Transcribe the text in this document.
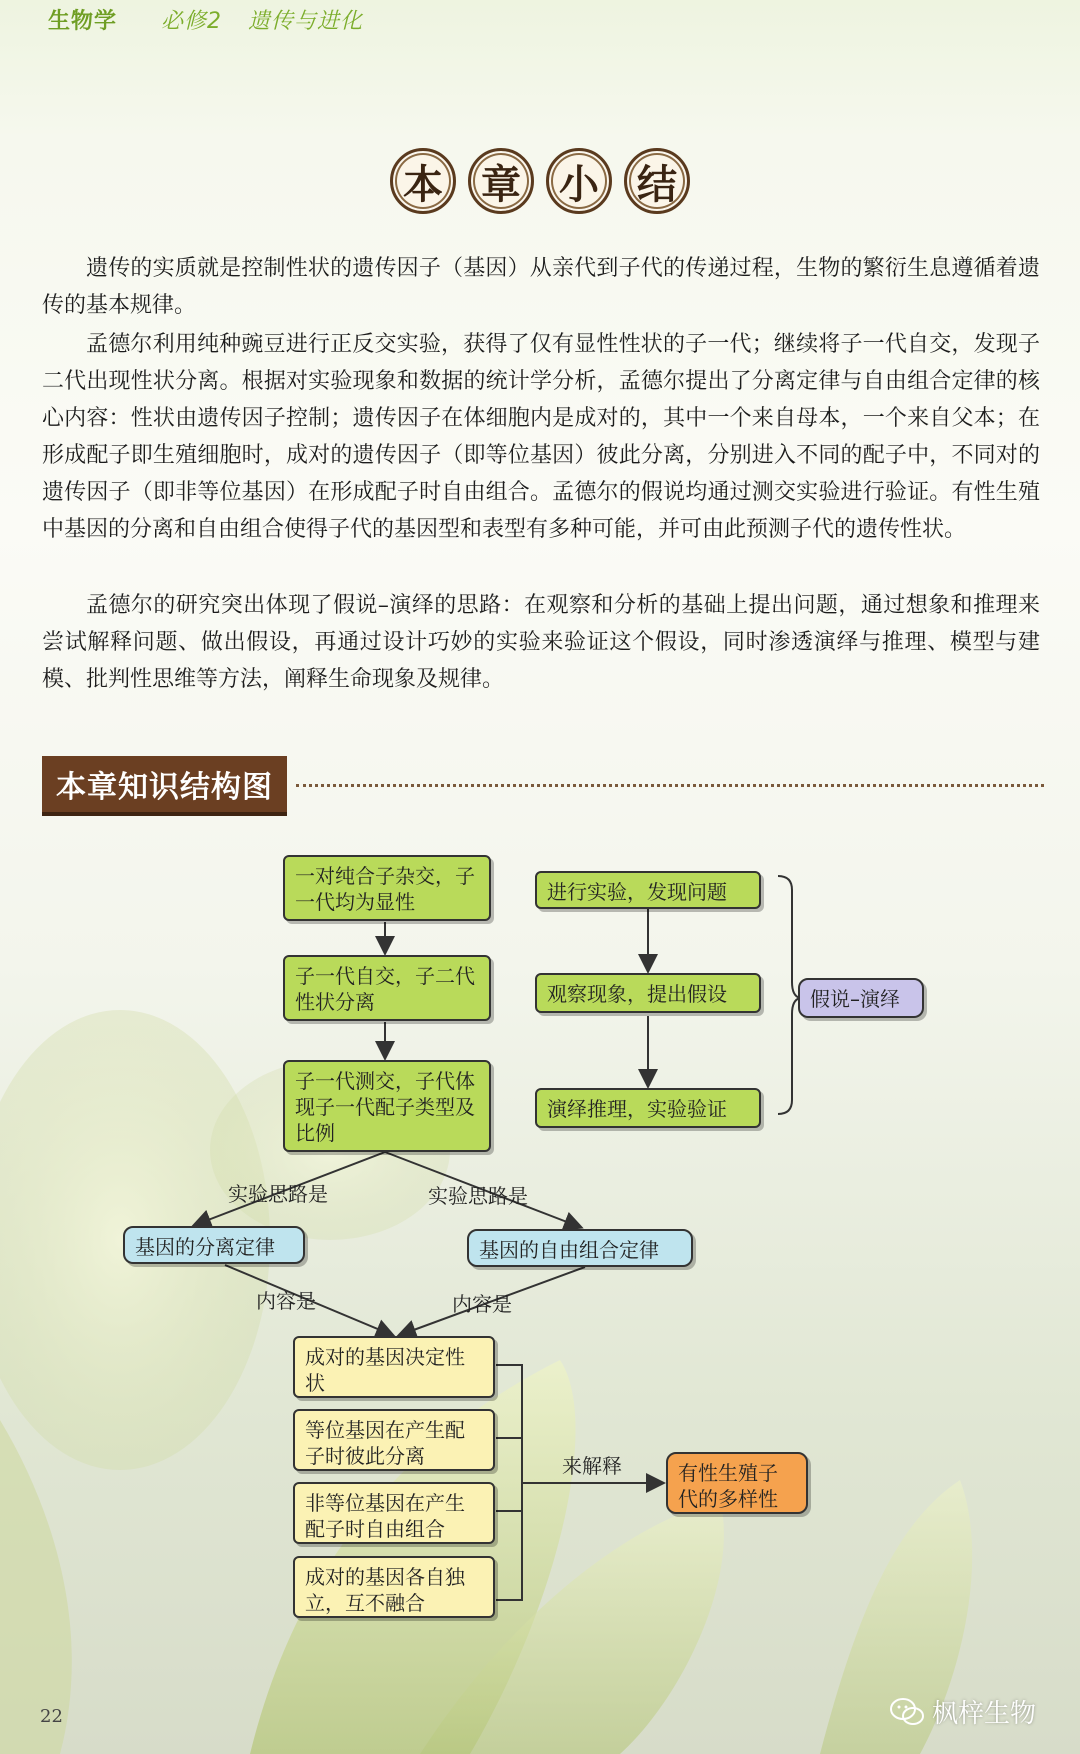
生物学 必修2 遗传与进化
本 章 小 结
遗传的实质就是控制性状的遗传因子（基因）从亲代到子代的传递过程，生物的繁衍生息遵循着遗传的基本规律。
孟德尔利用纯种豌豆进行正反交实验，获得了仅有显性性状的子一代；继续将子一代自交，发现子二代出现性状分离。根据对实验现象和数据的统计学分析，孟德尔提出了分离定律与自由组合定律的核心内容：性状由遗传因子控制；遗传因子在体细胞内是成对的，其中一个来自母本，一个来自父本；在形成配子即生殖细胞时，成对的遗传因子（即等位基因）彼此分离，分别进入不同的配子中，不同对的遗传因子（即非等位基因）在形成配子时自由组合。孟德尔的假说均通过测交实验进行验证。有性生殖中基因的分离和自由组合使得子代的基因型和表型有多种可能，并可由此预测子代的遗传性状。
孟德尔的研究突出体现了假说–演绎的思路：在观察和分析的基础上提出问题，通过想象和推理来尝试解释问题、做出假设，再通过设计巧妙的实验来验证这个假设，同时渗透演绎与推理、模型与建模、批判性思维等方法，阐释生命现象及规律。
本章知识结构图
一对纯合子杂交，子一代均为显性
子一代自交，子二代性状分离
子一代测交，子代体现子一代配子类型及比例
进行实验，发现问题
观察现象，提出假设
演绎推理，实验验证
假说–演绎
实验思路是	实验思路是
基因的分离定律	基因的自由组合定律
内容是	内容是
成对的基因决定性状
等位基因在产生配子时彼此分离
非等位基因在产生配子时自由组合
成对的基因各自独立，互不融合
来解释	有性生殖子代的多样性
22	枫梓生物
